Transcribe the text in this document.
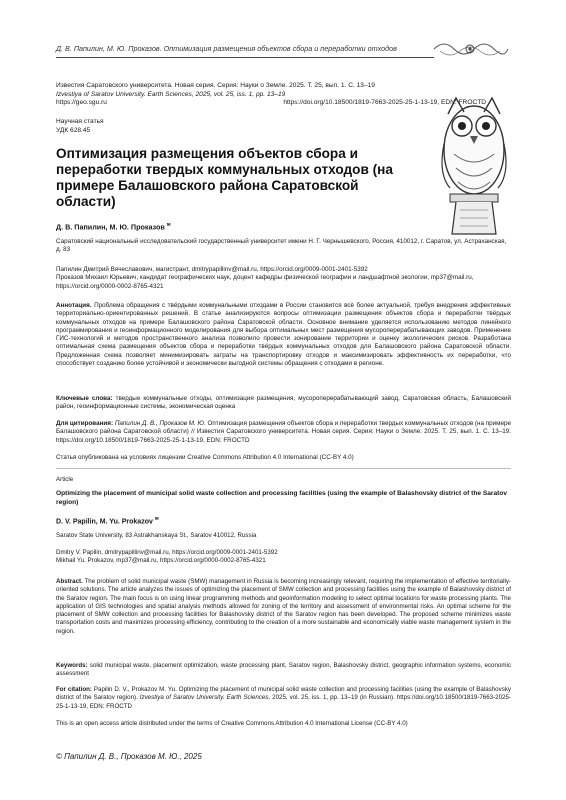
Д. В. Папилин, М. Ю. Проказов. Оптимизация размещения объектов сбора и переработки отходов
Известия Саратовского университета. Новая серия. Серия: Науки о Земле. 2025. Т. 25, вып. 1. С. 13–19
Izvestiya of Saratov University. Earth Sciences, 2025, vol. 25, iss. 1, pp. 13–19
https://geo.sgu.ru	https://doi.org/10.18500/1819-7663-2025-25-1-13-19, EDN: FROCTD
Научная статья
УДК 628.45
Оптимизация размещения объектов сбора и переработки твердых коммунальных отходов (на примере Балашовского района Саратовской области)
Д. В. Папилин, М. Ю. Проказов ✉
Саратовский национальный исследовательский государственный университет имени Н. Г. Чернышевского, Россия, 410012, г. Саратов, ул. Астраханская, д. 83
Папилин Дмитрий Вячеславович, магистрант, dmitrypapillinv@mail.ru, https://orcid.org/0009-0001-2401-5392
Проказов Михаил Юрьевич, кандидат географических наук, доцент кафедры физической географии и ландшафтной экологии, mp37@mail.ru, https://orcid.org/0000-0002-8765-4321
Аннотация. Проблема обращения с твёрдыми коммунальными отходами в России становится всё более актуальной, требуя внедрения эффективных территориально-ориентированных решений. В статье анализируются вопросы оптимизации размещения объектов сбора и переработки твёрдых коммунальных отходов на примере Балашовского района Саратовской области. Основное внимание уделяется использованию методов линейного программирования и геоинформационного моделирования для выбора оптимальных мест размещения мусороперерабатывающих заводов. Применение ГИС-технологий и методов пространственного анализа позволило провести зонирование территории и оценку экологических рисков. Разработана оптимальная схема размещения объектов сбора и переработки твёрдых коммунальных отходов для Балашовского района Саратовской области. Предложенная схема позволяет минимизировать затраты на транспортировку отходов и максимизировать эффективность их переработки, что способствует созданию более устойчивой и экономически выгодной системы обращения с отходами в регионе.
Ключевые слова: твердые коммунальные отходы, оптимизация размещения, мусороперерабатывающий завод, Саратовская область, Балашовский район, геоинформационные системы, экономическая оценка
Для цитирования: Папилин Д. В., Проказов М. Ю. Оптимизация размещения объектов сбора и переработки твердых коммунальных отходов (на примере Балашовского района Саратовской области) // Известия Саратовского университета. Новая серия. Серия: Науки о Земле. 2025. Т. 25, вып. 1. С. 13–19. https://doi.org/10.18500/1819-7663-2025-25-1-13-19, EDN: FROCTD
Статья опубликована на условиях лицензии Creative Commons Attribution 4.0 International (CC-BY 4.0)
Article
Optimizing the placement of municipal solid waste collection and processing facilities (using the example of Balashovsky district of the Saratov region)
D. V. Papilin, M. Yu. Prokazov ✉
Saratov State University, 83 Astrakhanskaya St., Saratov 410012, Russia
Dmitry V. Papilin, dmitrypapillinv@mail.ru, https://orcid.org/0009-0001-2401-5392
Mikhail Yu. Prokazov, mp37@mail.ru, https://orcid.org/0000-0002-8765-4321
Abstract. The problem of solid municipal waste (SMW) management in Russia is becoming increasingly relevant, requiring the implementation of effective territorially-oriented solutions. The article analyzes the issues of optimizing the placement of SMW collection and processing facilities using the example of Balashovsky district of the Saratov region. The main focus is on using linear programming methods and geoinformation modeling to select optimal locations for waste processing plants. The application of GIS technologies and spatial analysis methods allowed for zoning of the territory and assessment of environmental risks. An optimal scheme for the placement of SMW collection and processing facilities for Balashovsky district of the Saratov region has been developed. The proposed scheme minimizes waste transportation costs and maximizes processing efficiency, contributing to the creation of a more sustainable and economically viable waste management system in the region.
Keywords: solid municipal waste, placement optimization, waste processing plant, Saratov region, Balashovsky district, geographic information systems, economic assessment
For citation: Papilin D. V., Prokazov M. Yu. Optimizing the placement of municipal solid waste collection and processing facilities (using the example of Balashovsky district of the Saratov region). Izvestiya of Saratov University. Earth Sciences, 2025, vol. 25, iss. 1, pp. 13–19 (in Russian). https://doi.org/10.18500/1819-7663-2025-25-1-13-19, EDN: FROCTD
This is an open access article distributed under the terms of Creative Commons Attribution 4.0 International License (CC-BY 4.0)
© Папилин Д. В., Проказов М. Ю., 2025
